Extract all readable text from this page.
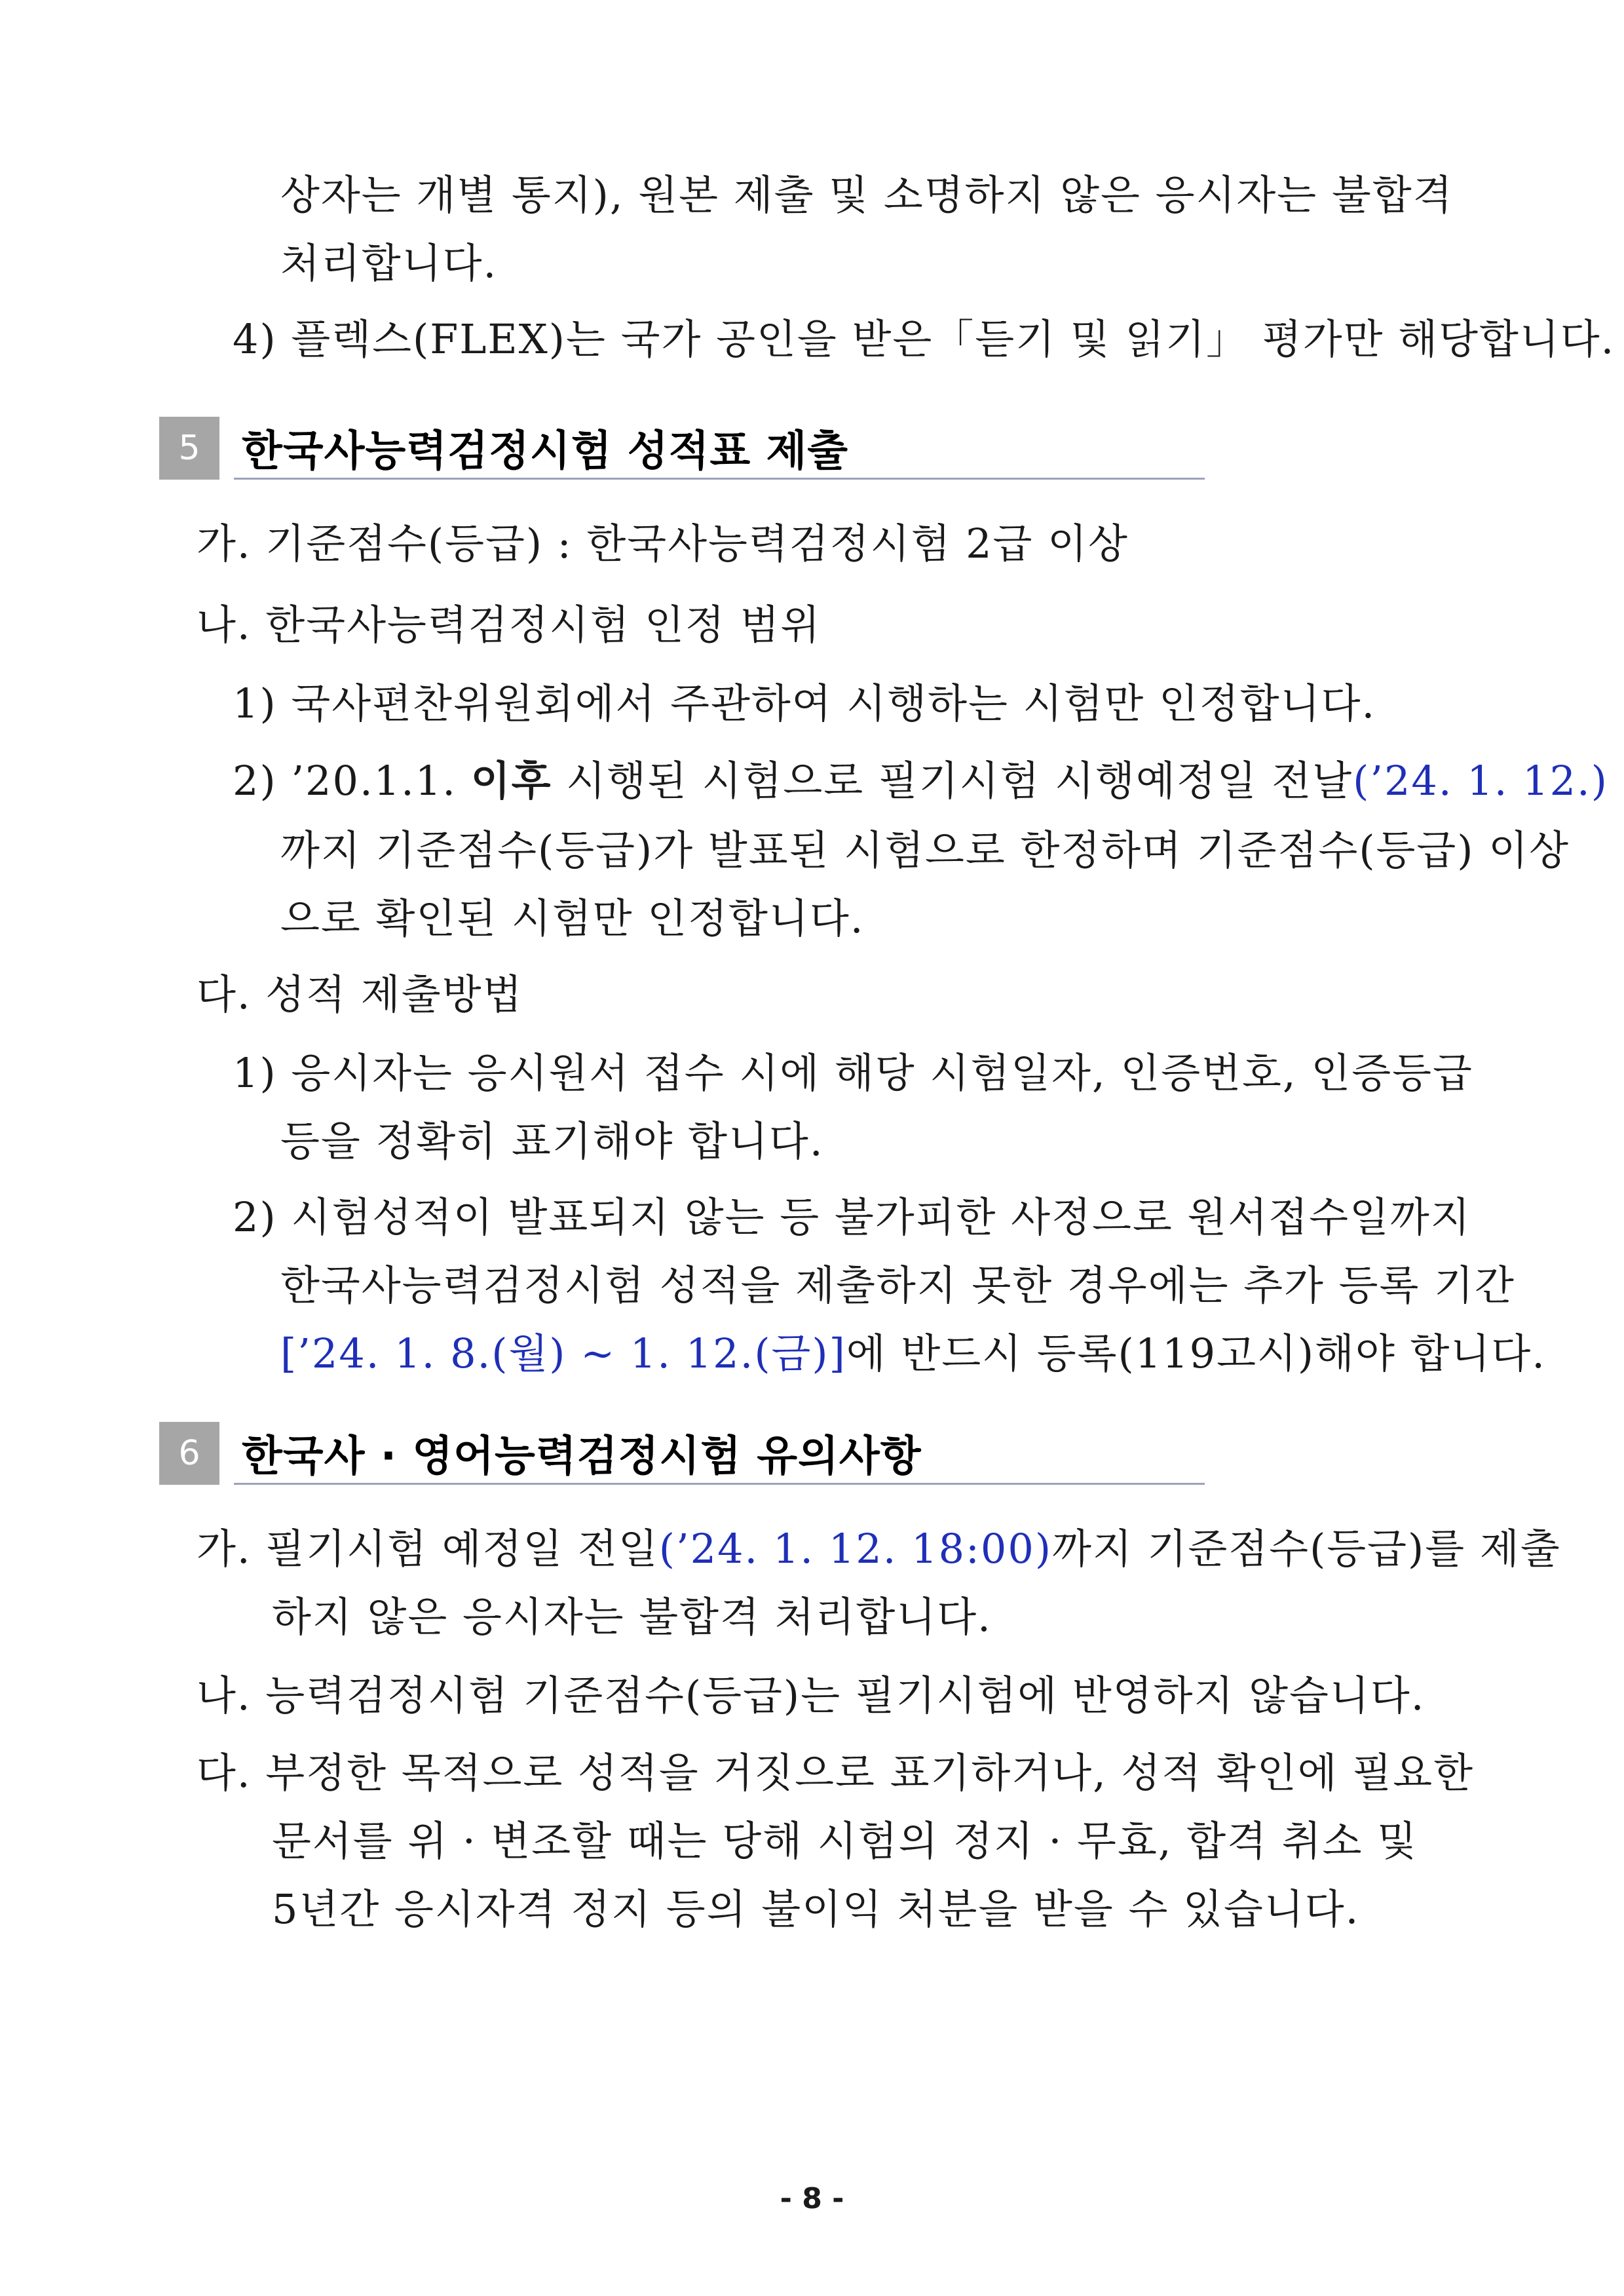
상자는 개별 통지), 원본 제출 및 소명하지 않은 응시자는 불합격
처리합니다.
4) 플렉스(FLEX)는 국가 공인을 받은「듣기 및 읽기」 평가만 해당합니다.
5 한국사능력검정시험 성적표 제출
가. 기준점수(등급) : 한국사능력검정시험 2급 이상
나. 한국사능력검정시험 인정 범위
1) 국사편찬위원회에서 주관하여 시행하는 시험만 인정합니다.
2) ’20.1.1. 이후 시행된 시험으로 필기시험 시행예정일 전날(’24. 1. 12.)
까지 기준점수(등급)가 발표된 시험으로 한정하며 기준점수(등급) 이상
으로 확인된 시험만 인정합니다.
다. 성적 제출방법
1) 응시자는 응시원서 접수 시에 해당 시험일자, 인증번호, 인증등급
등을 정확히 표기해야 합니다.
2) 시험성적이 발표되지 않는 등 불가피한 사정으로 원서접수일까지
한국사능력검정시험 성적을 제출하지 못한 경우에는 추가 등록 기간
[’24. 1. 8.(월) ∼ 1. 12.(금)]에 반드시 등록(119고시)해야 합니다.
6 한국사 · 영어능력검정시험 유의사항
가. 필기시험 예정일 전일(’24. 1. 12. 18:00)까지 기준점수(등급)를 제출
하지 않은 응시자는 불합격 처리합니다.
나. 능력검정시험 기준점수(등급)는 필기시험에 반영하지 않습니다.
다. 부정한 목적으로 성적을 거짓으로 표기하거나, 성적 확인에 필요한
문서를 위 · 변조할 때는 당해 시험의 정지 · 무효, 합격 취소 및
5년간 응시자격 정지 등의 불이익 처분을 받을 수 있습니다.
- 8 -
